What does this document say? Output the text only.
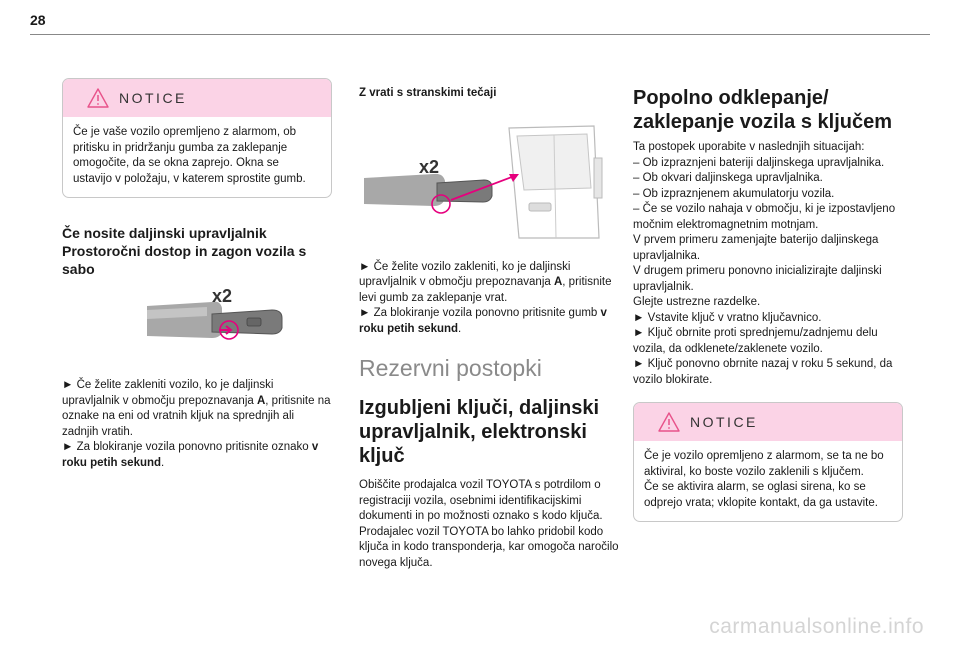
28
NOTICE
Če je vaše vozilo opremljeno z alarmom, ob pritisku in pridržanju gumba za zaklepanje omogočite, da se okna zaprejo. Okna se ustavijo v položaju, v katerem sprostite gumb.

Če nosite daljinski upravljalnik Prostoročni dostop in zagon vozila s sabo

x2

► Če želite zakleniti vozilo, ko je daljinski upravljalnik v območju prepoznavanja A, pritisnite na oznake na eni od vratnih kljuk na sprednjih ali zadnjih vratih.

► Za blokiranje vozila ponovno pritisnite oznako v roku petih sekund.

Z vrati s stranskimi tečaji

x2

► Če želite vozilo zakleniti, ko je daljinski upravljalnik v območju prepoznavanja A, pritisnite levi gumb za zaklepanje vrat.

► Za blokiranje vozila ponovno pritisnite gumb v roku petih sekund.

Rezervni postopki

Izgubljeni ključi, daljinski upravljalnik, elektronski ključ

Obiščite prodajalca vozil TOYOTA s potrdilom o registraciji vozila, osebnimi identifikacijskimi dokumenti in po možnosti oznako s kodo ključa. Prodajalec vozil TOYOTA bo lahko pridobil kodo ključa in kodo transponderja, kar omogoča naročilo novega ključa.

Popolno odklepanje/ zaklepanje vozila s ključem

Ta postopek uporabite v naslednjih situacijah:

– Ob izpraznjeni bateriji daljinskega upravljalnika.

– Ob okvari daljinskega upravljalnika.

– Ob izpraznjenem akumulatorju vozila.

– Če se vozilo nahaja v območju, ki je izpostavljeno močnim elektromagnetnim motnjam.

V prvem primeru zamenjajte baterijo daljinskega upravljalnika.

V drugem primeru ponovno inicializirajte daljinski upravljalnik.

Glejte ustrezne razdelke.

► Vstavite ključ v vratno ključavnico.

► Ključ obrnite proti sprednjemu/zadnjemu delu vozila, da odklenete/zaklenete vozilo.

► Ključ ponovno obrnite nazaj v roku 5 sekund, da vozilo blokirate.

NOTICE

Če je vozilo opremljeno z alarmom, se ta ne bo aktiviral, ko boste vozilo zaklenili s ključem.

Če se aktivira alarm, se oglasi sirena, ko se odprejo vrata; vklopite kontakt, da ga ustavite.

carmanualsonline.info
